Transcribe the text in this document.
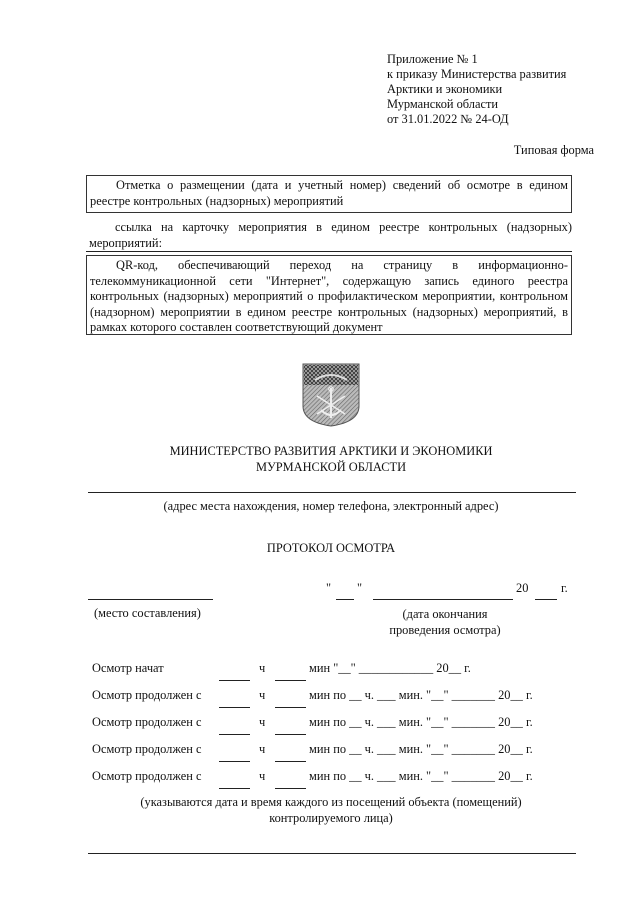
Приложение № 1
к приказу Министерства развития
Арктики и экономики
Мурманской области
от 31.01.2022 № 24-ОД
Типовая форма
Отметка о размещении (дата и учетный номер) сведений об осмотре в едином реестре контрольных (надзорных) мероприятий
ссылка на карточку мероприятия в едином реестре контрольных (надзорных) мероприятий:
QR-код, обеспечивающий переход на страницу в информационно-телекоммуникационной сети "Интернет", содержащую запись единого реестра контрольных (надзорных) мероприятий о профилактическом мероприятии, контрольном (надзорном) мероприятии в едином реестре контрольных (надзорных) мероприятий, в рамках которого составлен соответствующий документ
МИНИСТЕРСТВО РАЗВИТИЯ АРКТИКИ И ЭКОНОМИКИ
МУРМАНСКОЙ ОБЛАСТИ
(адрес места нахождения, номер телефона, электронный адрес)
ПРОТОКОЛ ОСМОТРА
" "	20	г.
(место составления)	(дата окончания
проведения осмотра)
Осмотр начат	ч	мин "__" ____________ 20__ г.
Осмотр продолжен с	ч	мин по __ ч. ___ мин. "__" _______ 20__ г.
Осмотр продолжен с	ч	мин по __ ч. ___ мин. "__" _______ 20__ г.
Осмотр продолжен с	ч	мин по __ ч. ___ мин. "__" _______ 20__ г.
Осмотр продолжен с	ч	мин по __ ч. ___ мин. "__" _______ 20__ г.
(указываются дата и время каждого из посещений объекта (помещений)
контролируемого лица)
